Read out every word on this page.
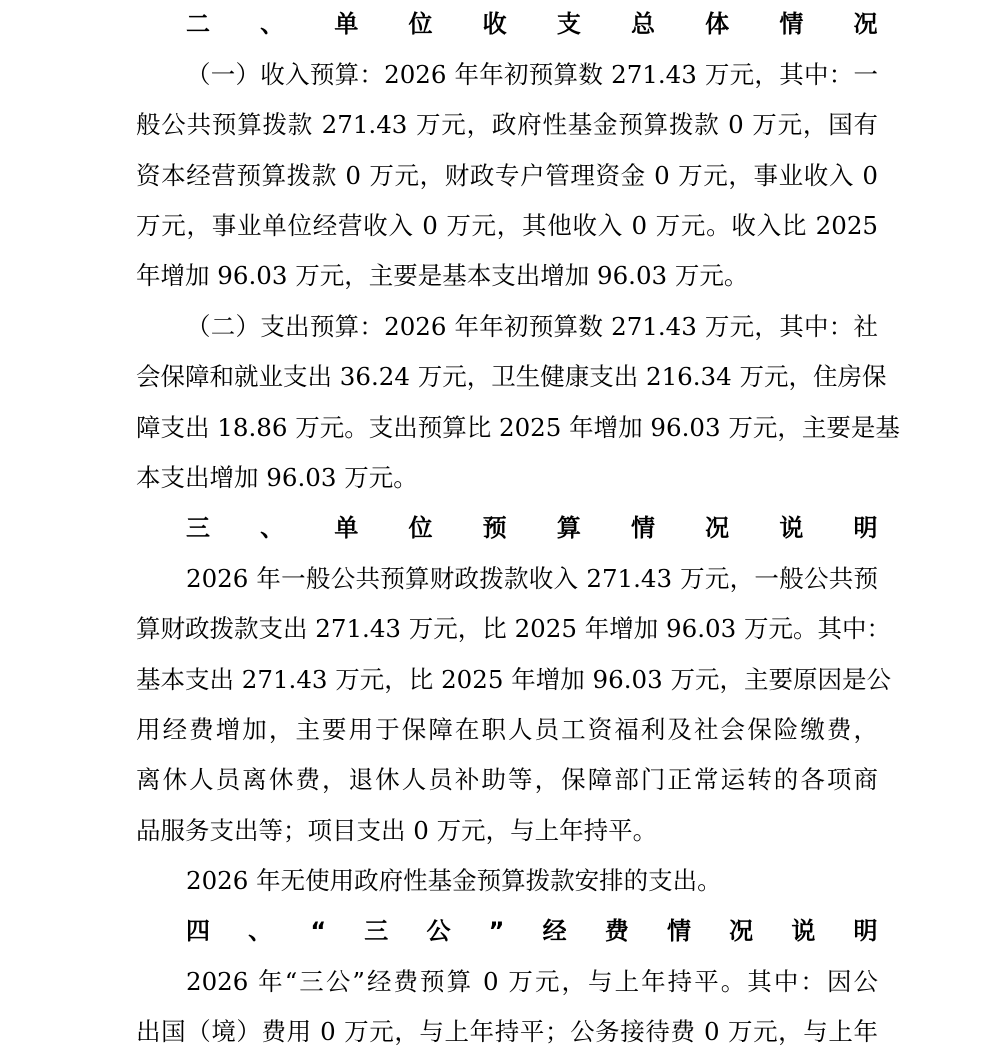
二、单位收支总体情况
（一）收入预算：2026 年年初预算数 271.43 万元，其中：一
般公共预算拨款 271.43 万元，政府性基金预算拨款 0 万元，国有
资本经营预算拨款 0 万元，财政专户管理资金 0 万元，事业收入 0
万元，事业单位经营收入 0 万元，其他收入 0 万元。收入比 2025
年增加 96.03 万元，主要是基本支出增加 96.03 万元。
（二）支出预算：2026 年年初预算数 271.43 万元，其中：社
会保障和就业支出 36.24 万元，卫生健康支出 216.34 万元，住房保
障支出 18.86 万元。支出预算比 2025 年增加 96.03 万元，主要是基
本支出增加 96.03 万元。
三、单位预算情况说明
2026 年一般公共预算财政拨款收入 271.43 万元，一般公共预
算财政拨款支出 271.43 万元，比 2025 年增加 96.03 万元。其中：
基本支出 271.43 万元，比 2025 年增加 96.03 万元，主要原因是公
用经费增加，主要用于保障在职人员工资福利及社会保险缴费，
离休人员离休费，退休人员补助等，保障部门正常运转的各项商
品服务支出等；项目支出 0 万元，与上年持平。
2026 年无使用政府性基金预算拨款安排的支出。
四、“三公”经费情况说明
2026 年“三公”经费预算 0 万元，与上年持平。其中：因公
出国（境）费用 0 万元，与上年持平；公务接待费 0 万元，与上年
